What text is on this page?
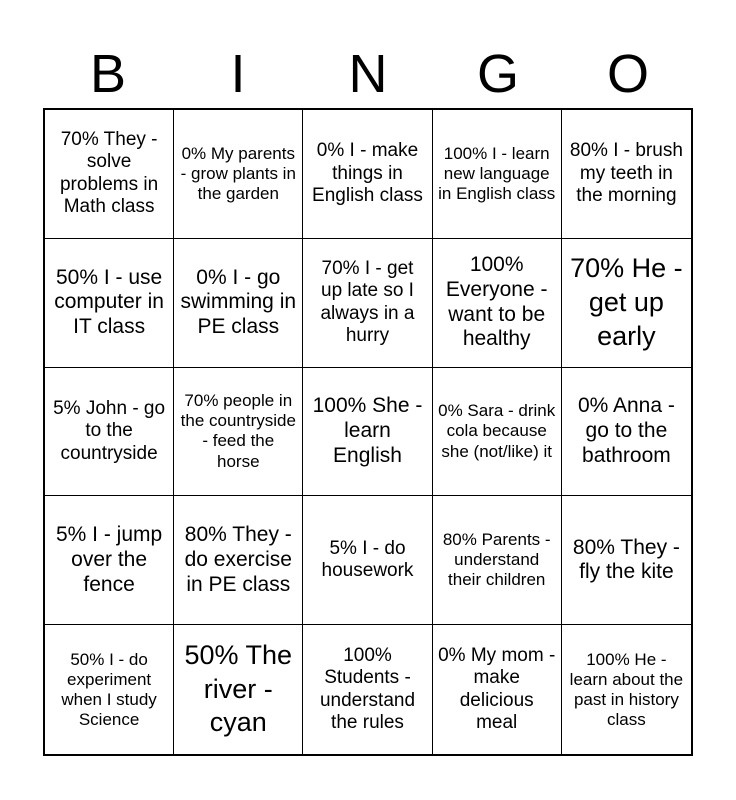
B	I	N	G	O
70% They - solve problems in Math class
0% My parents - grow plants in the garden
0% I - make things in English class
100% I - learn new language in English class
80% I - brush my teeth in the morning
50% I - use computer in IT class
0% I - go swimming in PE class
70% I - get up late so I always in a hurry
100% Everyone - want to be healthy
70% He - get up early
5% John - go to the countryside
70% people in the countryside - feed the horse
100% She - learn English
0% Sara - drink cola because she (not/like) it
0% Anna - go to the bathroom
5% I - jump over the fence
80% They - do exercise in PE class
5% I - do housework
80% Parents - understand their children
80% They - fly the kite
50% I - do experiment when I study Science
50% The river - cyan
100% Students - understand the rules
0% My mom -make delicious meal
100% He - learn about the past in history class
